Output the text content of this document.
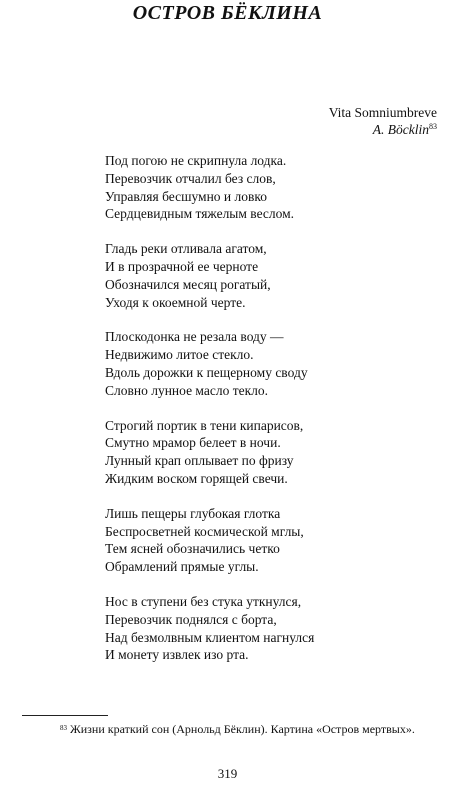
ОСТРОВ БЁКЛИНА
Vita Somniumbreve
A. Böcklin$^{83}$
Под погою не скрипнула лодка.
Перевозчик отчалил без слов,
Управляя бесшумно и ловко
Сердцевидным тяжелым веслом.
Гладь реки отливала агатом,
И в прозрачной ее черноте
Обозначился месяц рогатый,
Уходя к окоемной черте.
Плоскодонка не резала воду —
Недвижимо литое стекло.
Вдоль дорожки к пещерному своду
Словно лунное масло текло.
Строгий портик в тени кипарисов,
Смутно мрамор белеет в ночи.
Лунный крап оплывает по фризу
Жидким воском горящей свечи.
Лишь пещеры глубокая глотка
Беспросветней космической мглы,
Тем ясней обозначились четко
Обрамлений прямые углы.
Нос в ступени без стука уткнулся,
Перевозчик поднялся с борта,
Над безмолвным клиентом нагнулся
И монету извлек изо рта.
$^{83}$ Жизни краткий сон (Арнольд Бёклин). Картина «Остров мертвых».
319
